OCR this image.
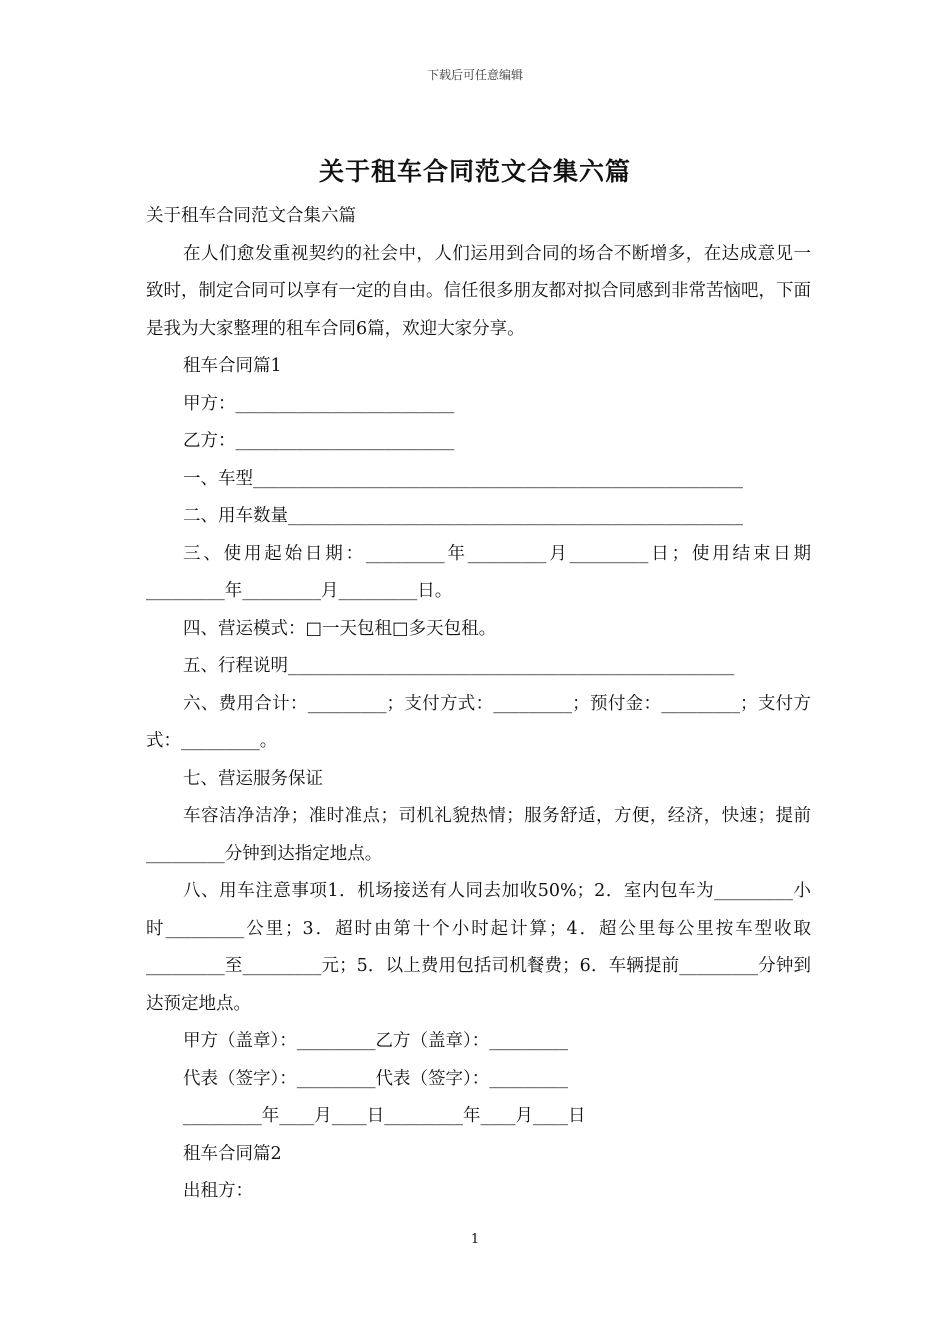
下载后可任意编辑
关于租车合同范文合集六篇

关于租车合同范文合集六篇

在人们愈发重视契约的社会中，人们运用到合同的场合不断增多，在达成意见一致时，制定合同可以享有一定的自由。信任很多朋友都对拟合同感到非常苦恼吧，下面是我为大家整理的租车合同6篇，欢迎大家分享。

租车合同篇1

甲方：_________________________

乙方：_________________________

一、车型________________________________________________________

二、用车数量____________________________________________________

三、使用起始日期：_________年_________月_________日；使用结束日期_________年_________月_________日。

四、营运模式：□一天包租□多天包租。

五、行程说明___________________________________________________

六、费用合计：_________；支付方式：_________；预付金：_________；支付方式：_________。

七、营运服务保证

车容洁净洁净；准时准点；司机礼貌热情；服务舒适，方便，经济，快速；提前_________分钟到达指定地点。

八、用车注意事项1．机场接送有人同去加收50%；2．室内包车为_________小时_________公里；3．超时由第十个小时起计算；4．超公里每公里按车型收取_________至_________元；5．以上费用包括司机餐费；6．车辆提前_________分钟到达预定地点。

甲方（盖章）：_________乙方（盖章）：_________

代表（签字）：_________代表（签字）：_________

_________年____月____日_________年____月____日

租车合同篇2

出租方：

1
